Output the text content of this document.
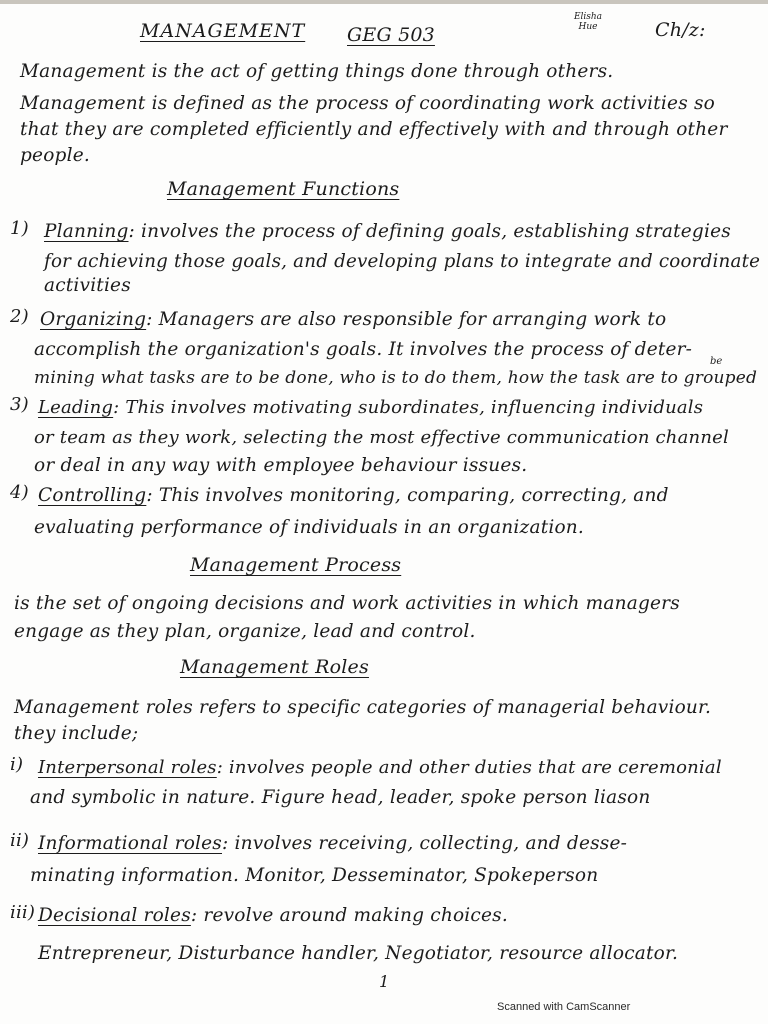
MANAGEMENT GEG 503
Elisha Hue	Ch/z:
Management is the act of getting things done through others.
Management is defined as the process of coordinating work activities so
that they are completed efficiently and effectively with and through other
people.
Management Functions
1) Planning: involves the process of defining goals, establishing strategies
for achieving those goals, and developing plans to integrate and coordinate
activities
2) Organizing: Managers are also responsible for arranging work to
accomplish the organization's goals. It involves the process of deter-
be
mining what tasks are to be done, who is to do them, how the task are to grouped
3) Leading: This involves motivating subordinates, influencing individuals
or team as they work, selecting the most effective communication channel
or deal in any way with employee behaviour issues.
4) Controlling: This involves monitoring, comparing, correcting, and
evaluating performance of individuals in an organization.
Management Process
is the set of ongoing decisions and work activities in which managers
engage as they plan, organize, lead and control.
Management Roles
Management roles refers to specific categories of managerial behaviour.
they include;
i) Interpersonal roles: involves people and other duties that are ceremonial
and symbolic in nature. Figure head, leader, spoke person liason
ii) Informational roles: involves receiving, collecting, and desse-
minating information. Monitor, Desseminator, Spokeperson
iii) Decisional roles: revolve around making choices.
Entrepreneur, Disturbance handler, Negotiator, resource allocator.
1
Scanned with CamScanner
